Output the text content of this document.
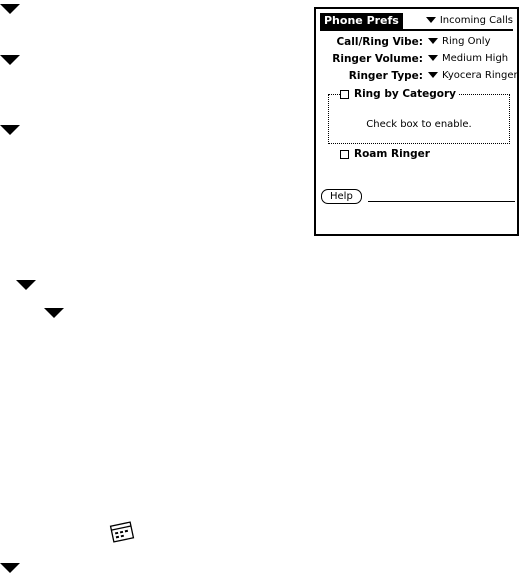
Phone Prefs	Incoming Calls
Call/Ring Vibe:	Ring Only
Ringer Volume:	Medium High
Ringer Type:	Kyocera Ringer
Check box to enable.
Ring by Category
Roam Ringer
Help
